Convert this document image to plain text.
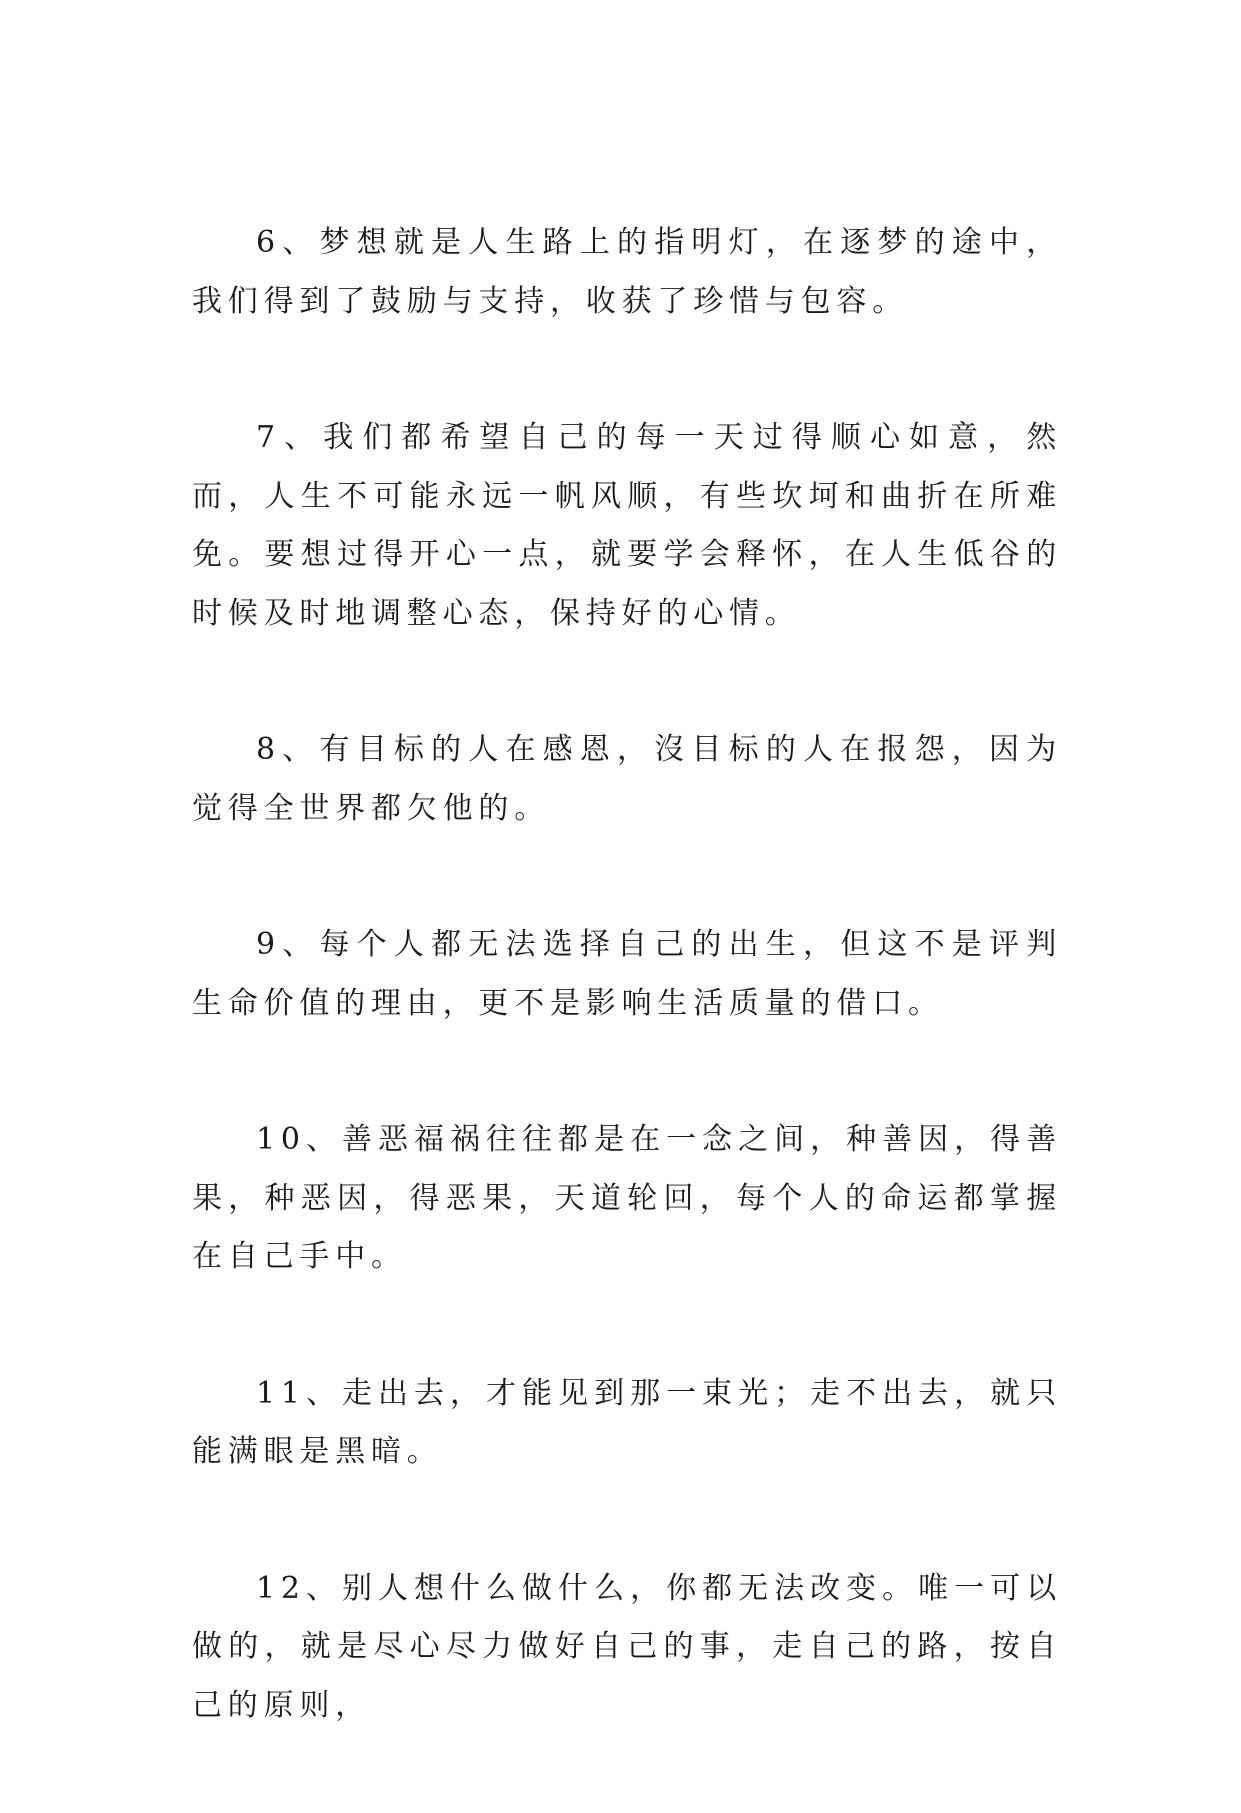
6、梦想就是人生路上的指明灯，在逐梦的途中，我们得到了鼓励与支持，收获了珍惜与包容。

7、我们都希望自己的每一天过得顺心如意，然而，人生不可能永远一帆风顺，有些坎坷和曲折在所难免。要想过得开心一点，就要学会释怀，在人生低谷的时候及时地调整心态，保持好的心情。

8、有目标的人在感恩，沒目标的人在报怨，因为觉得全世界都欠他的。

9、每个人都无法选择自己的出生，但这不是评判生命价值的理由，更不是影响生活质量的借口。

10、善恶福祸往往都是在一念之间，种善因，得善果，种恶因，得恶果，天道轮回，每个人的命运都掌握在自己手中。

11、走出去，才能见到那一束光；走不出去，就只能满眼是黑暗。

12、别人想什么做什么，你都无法改变。唯一可以做的，就是尽心尽力做好自己的事，走自己的路，按自己的原则，
